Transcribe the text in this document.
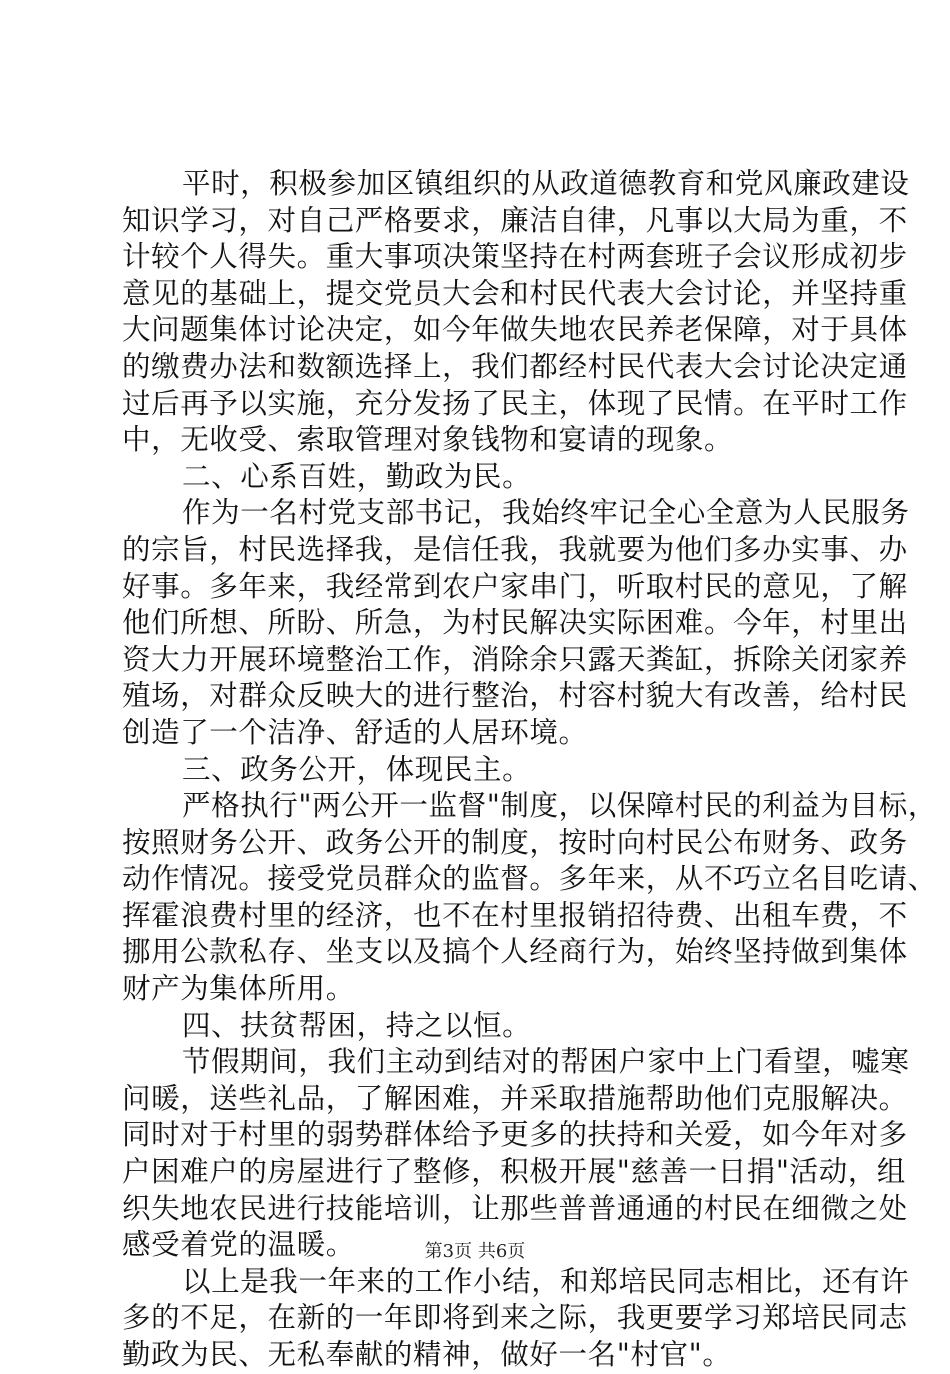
平时，积极参加区镇组织的从政道德教育和党风廉政建设
知识学习，对自己严格要求，廉洁自律，凡事以大局为重，不
计较个人得失。重大事项决策坚持在村两套班子会议形成初步
意见的基础上，提交党员大会和村民代表大会讨论，并坚持重
大问题集体讨论决定，如今年做失地农民养老保障，对于具体
的缴费办法和数额选择上，我们都经村民代表大会讨论决定通
过后再予以实施，充分发扬了民主，体现了民情。在平时工作
中，无收受、索取管理对象钱物和宴请的现象。
二、心系百姓，勤政为民。
作为一名村党支部书记，我始终牢记全心全意为人民服务
的宗旨，村民选择我，是信任我，我就要为他们多办实事、办
好事。多年来，我经常到农户家串门，听取村民的意见，了解
他们所想、所盼、所急，为村民解决实际困难。今年，村里出
资大力开展环境整治工作，消除余只露天粪缸，拆除关闭家养
殖场，对群众反映大的进行整治，村容村貌大有改善，给村民
创造了一个洁净、舒适的人居环境。
三、政务公开，体现民主。
严格执行"两公开一监督"制度，以保障村民的利益为目标，
按照财务公开、政务公开的制度，按时向村民公布财务、政务
动作情况。接受党员群众的监督。多年来，从不巧立名目吃请、
挥霍浪费村里的经济，也不在村里报销招待费、出租车费，不
挪用公款私存、坐支以及搞个人经商行为，始终坚持做到集体
财产为集体所用。
四、扶贫帮困，持之以恒。
节假期间，我们主动到结对的帮困户家中上门看望，嘘寒
问暖，送些礼品，了解困难，并采取措施帮助他们克服解决。
同时对于村里的弱势群体给予更多的扶持和关爱，如今年对多
户困难户的房屋进行了整修，积极开展"慈善一日捐"活动，组
织失地农民进行技能培训，让那些普普通通的村民在细微之处
感受着党的温暖。
以上是我一年来的工作小结，和郑培民同志相比，还有许
多的不足，在新的一年即将到来之际，我更要学习郑培民同志
勤政为民、无私奉献的精神，做好一名"村官"。
第3页 共6页
